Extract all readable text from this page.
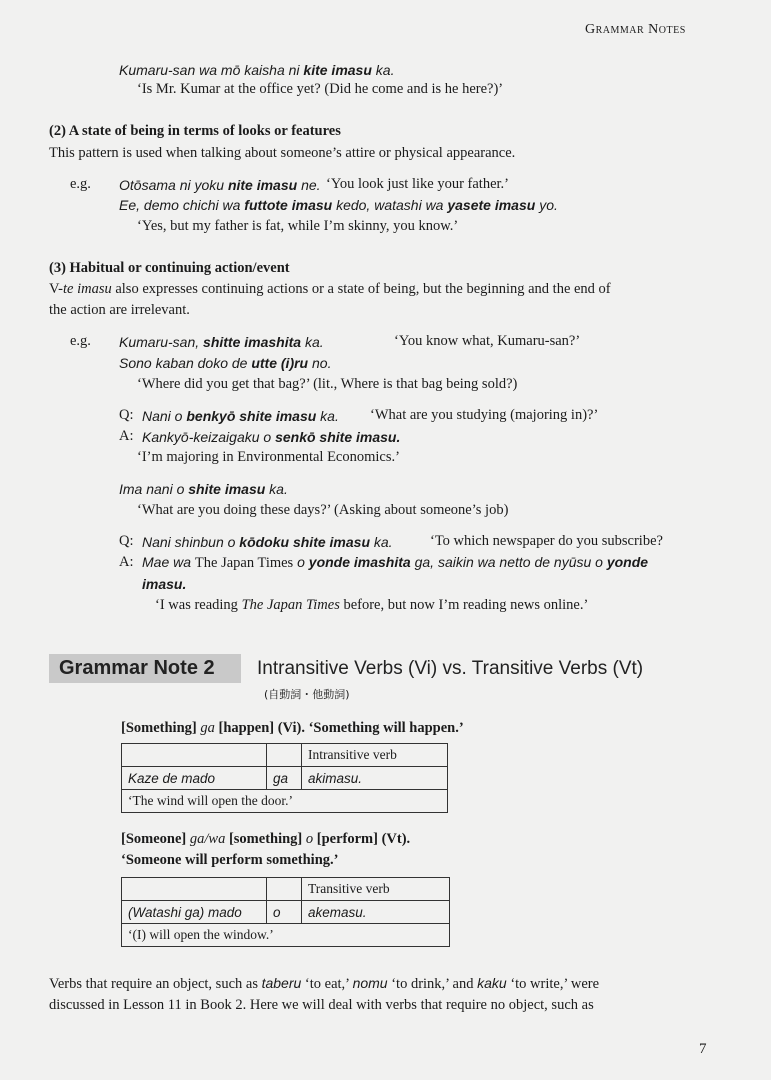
Grammar Notes
Kumaru-san wa mō kaisha ni kite imasu ka.
‘Is Mr. Kumar at the office yet? (Did he come and is he here?)’
(2) A state of being in terms of looks or features
This pattern is used when talking about someone’s attire or physical appearance.
e.g. Otōsama ni yoku nite imasu ne. ‘You look just like your father.’
Ee, demo chichi wa futtote imasu kedo, watashi wa yasete imasu yo.
‘Yes, but my father is fat, while I’m skinny, you know.’
(3) Habitual or continuing action/event
V-te imasu also expresses continuing actions or a state of being, but the beginning and the end of
the action are irrelevant.
e.g. Kumaru-san, shitte imashita ka.	‘You know what, Kumaru-san?’
Sono kaban doko de utte (i)ru no.
‘Where did you get that bag?’ (lit., Where is that bag being sold?)
Q: Nani o benkyō shite imasu ka. ‘What are you studying (majoring in)?’
A: Kankyō-keizaigaku o senkō shite imasu.
‘I’m majoring in Environmental Economics.’
Ima nani o shite imasu ka.
‘What are you doing these days?’ (Asking about someone’s job)
Q: Nani shinbun o kōdoku shite imasu ka.	‘To which newspaper do you subscribe?
A: Mae wa The Japan Times o yonde imashita ga, saikin wa netto de nyūsu o yonde
imasu.
‘I was reading The Japan Times before, but now I’m reading news online.’
Grammar Note 2 Intransitive Verbs (Vi) vs. Transitive Verbs (Vt)
(自動詞・他動詞)
[Something] ga [happen] (Vi). ‘Something will happen.’
		Intransitive verb
Kaze de mado	ga	akimasu.
‘The wind will open the door.’		
[Someone] ga/wa [something] o [perform] (Vt).
‘Someone will perform something.’
		Transitive verb
(Watashi ga) mado	o	akemasu.
‘(I) will open the window.’		
Verbs that require an object, such as taberu ‘to eat,’ nomu ‘to drink,’ and kaku ‘to write,’ were
discussed in Lesson 11 in Book 2. Here we will deal with verbs that require no object, such as
7
